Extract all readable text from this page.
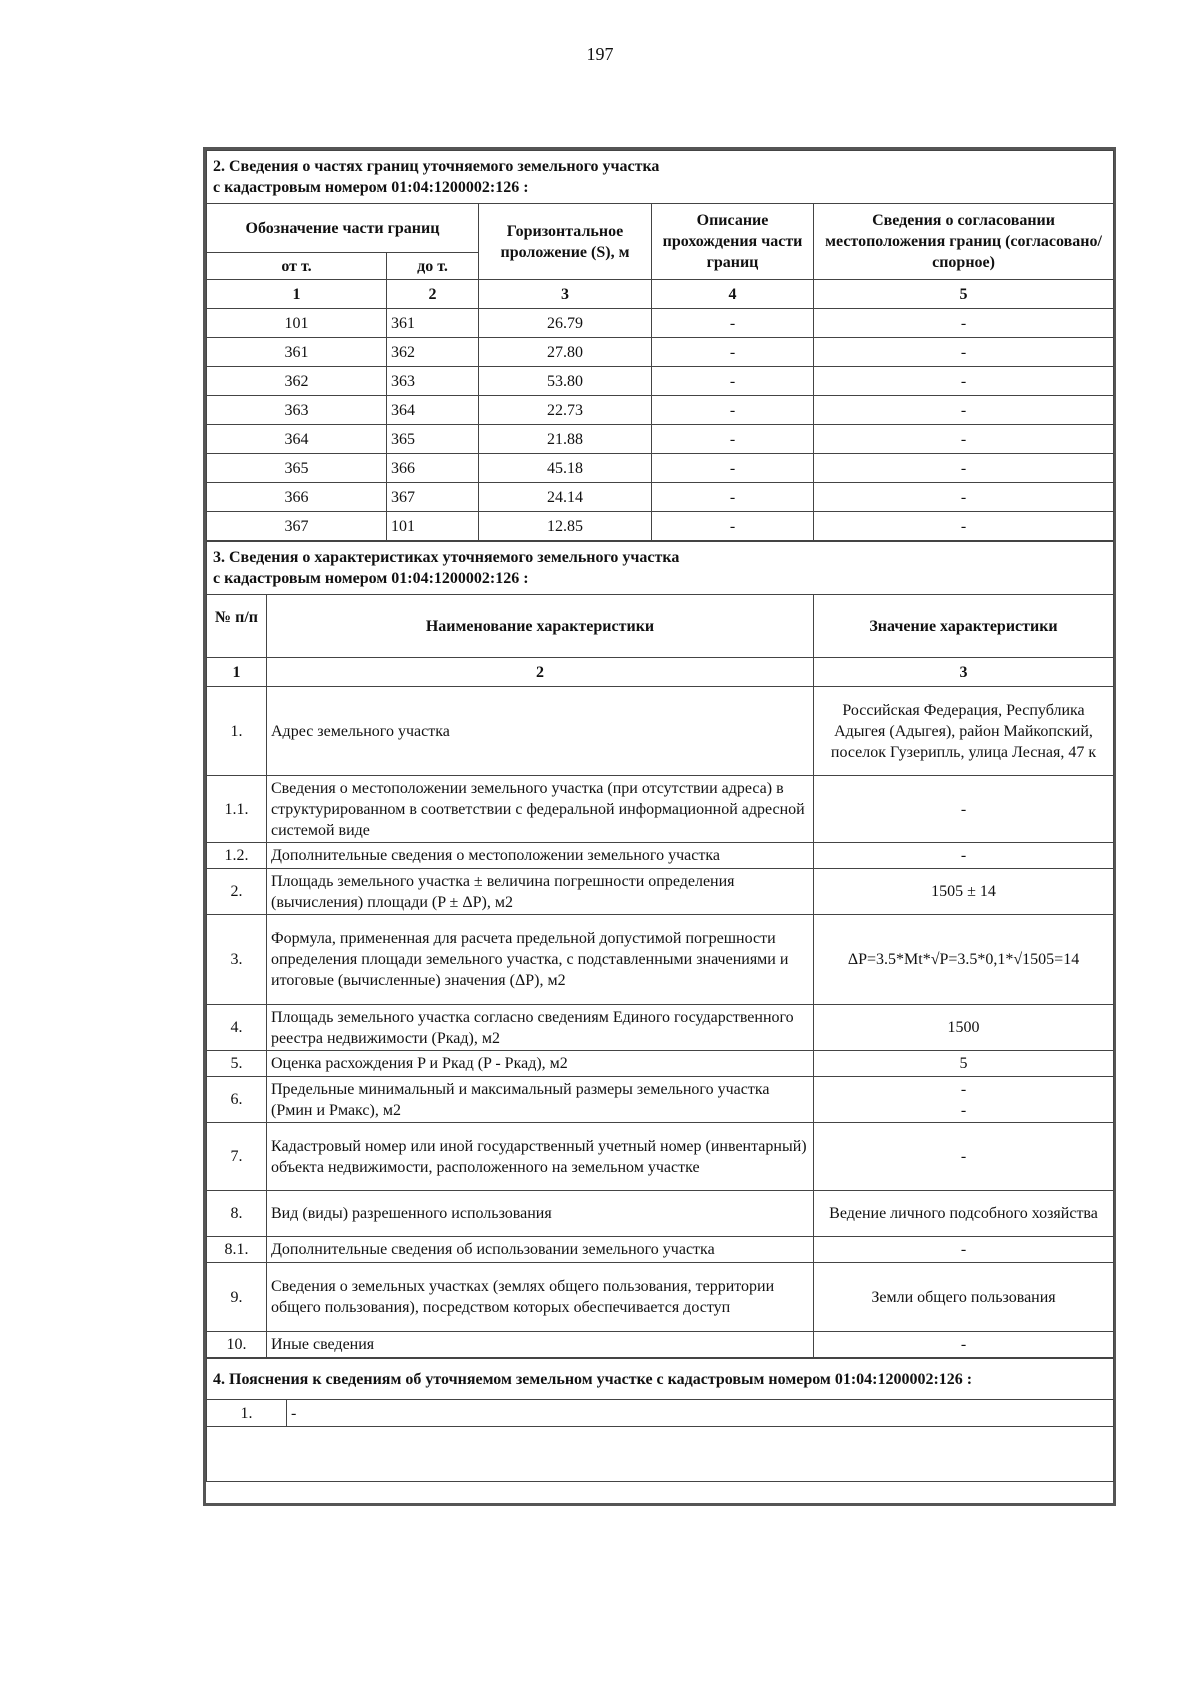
197
2. Сведения о частях границ уточняемого земельного участка
с кадастровым номером 01:04:1200002:126 :				

Обозначение части границ		Горизонтальное проложение (S), м	Описание прохождения части границ	Сведения о согласовании местоположения границ (согласовано/спорное)
от т.	до т.			
1	2	3	4	5
101	361	26.79	-	-
361	362	27.80	-	-
362	363	53.80	-	-
363	364	22.73	-	-
364	365	21.88	-	-
365	366	45.18	-	-
366	367	24.14	-	-
367	101	12.85	-	-
3. Сведения о характеристиках уточняемого земельного участка
с кадастровым номером 01:04:1200002:126 :		

№ п/п	Наименование характеристики	Значение характеристики
1	2	3
1.	Адрес земельного участка	Российская Федерация, Республика Адыгея (Адыгея), район Майкопский, поселок Гузерипль, улица Лесная, 47 к
1.1.	Сведения о местоположении земельного участка (при отсутствии адреса) в структурированном в соответствии с федеральной информационной адресной системой виде	-
1.2.	Дополнительные сведения о местоположении земельного участка	-
2.	Площадь земельного участка ± величина погрешности определения (вычисления) площади (P ± ΔP), м2	1505 ± 14
3.	Формула, примененная для расчета предельной допустимой погрешности определения площади земельного участка, с подставленными значениями и итоговые (вычисленные) значения (ΔP), м2	ΔP=3.5*Mt*√P=3.5*0,1*√1505=14
4.	Площадь земельного участка согласно сведениям Единого государственного реестра недвижимости (Ркад), м2	1500
5.	Оценка расхождения P и Ркад (P - Ркад), м2	5
6.	Предельные минимальный и максимальный размеры земельного участка (Рмин и Рмакс), м2	-
-

7.	Кадастровый номер или иной государственный учетный номер (инвентарный) объекта недвижимости, расположенного на земельном участке	-
8.	Вид (виды) разрешенного использования	Ведение личного подсобного хозяйства
8.1.	Дополнительные сведения об использовании земельного участка	-
9.	Сведения о земельных участках (землях общего пользования, территории общего пользования), посредством которых обеспечивается доступ	Земли общего пользования
10.	Иные сведения	-
4. Пояснения к сведениям об уточняемом земельном участке с кадастровым номером 01:04:1200002:126 :
1.	-
